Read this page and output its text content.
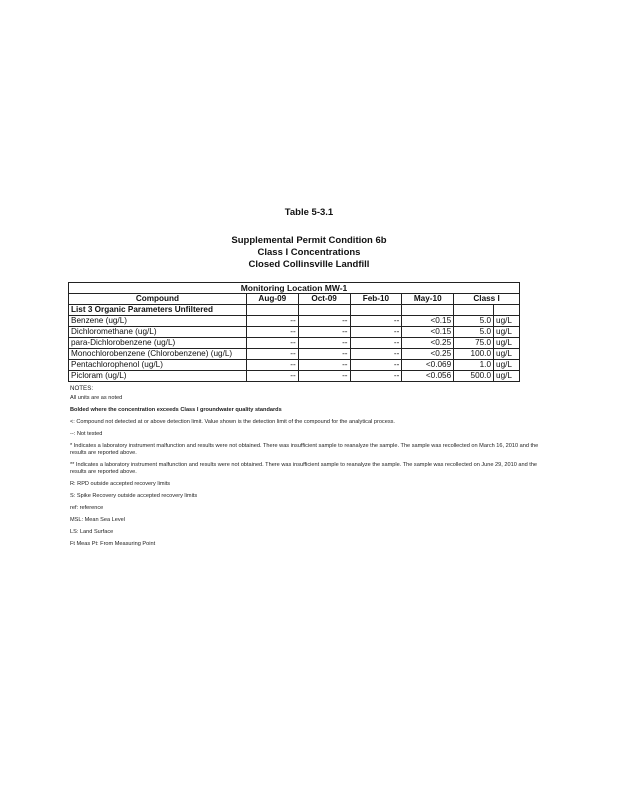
Table 5-3.1
Supplemental Permit Condition 6b
Class I Concentrations
Closed Collinsville Landfill
Monitoring Location MW-1						
Compound	Aug-09	Oct-09	Feb-10	May-10	Class I	
List 3 Organic Parameters Unfiltered						
Benzene (ug/L)	--	--	--	<0.15	5.0	ug/L
Dichloromethane (ug/L)	--	--	--	<0.15	5.0	ug/L
para-Dichlorobenzene (ug/L)	--	--	--	<0.25	75.0	ug/L
Monochlorobenzene (Chlorobenzene) (ug/L)	--	--	--	<0.25	100.0	ug/L
Pentachlorophenol (ug/L)	--	--	--	<0.069	1.0	ug/L
Picloram (ug/L)	--	--	--	<0.056	500.0	ug/L
NOTES:
All units are as noted
Bolded where the concentration exceeds Class I groundwater quality standards
<: Compound not detected at or above detection limit. Value shown is the detection limit of the compound for the analytical process.
--: Not tested
* Indicates a laboratory instrument malfunction and results were not obtained. There was insufficient sample to reanalyze the sample. The sample was recollected on March 16, 2010 and the results are reported above.
** Indicates a laboratory instrument malfunction and results were not obtained. There was insufficient sample to reanalyze the sample. The sample was recollected on June 29, 2010 and the results are reported above.
R: RPD outside accepted recovery limits
S: Spike Recovery outside accepted recovery limits
ref: reference
MSL: Mean Sea Level
LS: Land Surface
Ft Meas Pt: From Measuring Point
